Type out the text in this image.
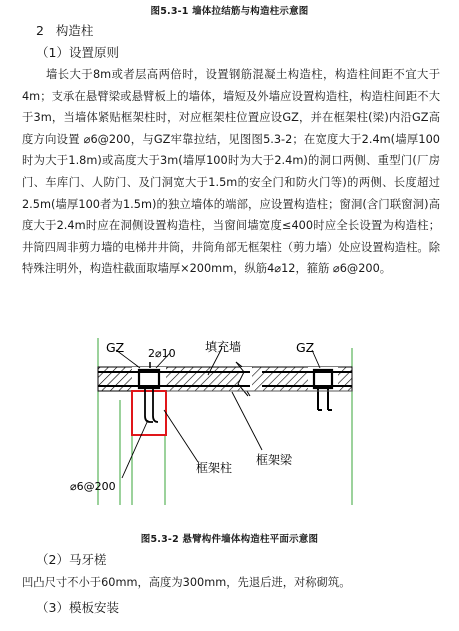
图5.3-1 墙体拉结筋与构造柱示意图
2 构造柱
（1）设置原则
墙长大于8m或者层高两倍时，设置钢筋混凝土构造柱，构造柱间距不宜大于4m；支承在悬臂梁或悬臂板上的墙体，墙短及外墙应设置构造柱，构造柱间距不大于3m，当墙体紧贴框架柱时，对应框架柱位置应设GZ，并在框架柱(梁)内沿GZ高度方向设置 ⌀6@200，与GZ牢靠拉结，见图图5.3-2；在宽度大于2.4m(墙厚100时为大于1.8m)或高度大于3m(墙厚100时为大于2.4m)的洞口两侧、重型门(厂房门、车库门、人防门、及门洞宽大于1.5m的安全门和防火门等)的两侧、长度超过2.5m(墙厚100者为1.5m)的独立墙体的端部，应设置构造柱；窗洞(含门联窗洞)高度大于2.4m时应在洞侧设置构造柱，当窗间墙宽度≤400时应全长设置为构造柱；井筒四周非剪力墙的电梯井井筒，井筒角部无框架柱（剪力墙）处应设置构造柱。除特殊注明外，构造柱截面取墙厚×200mm，纵筋4⌀12，箍筋 ⌀6@200。
GZ 2⌀10 填充墙	GZ
框架柱
框架梁
⌀6@200
图5.3-2 悬臂构件墙体构造柱平面示意图
（2）马牙槎
凹凸尺寸不小于60mm，高度为300mm，先退后进，对称砌筑。
（3）模板安装
